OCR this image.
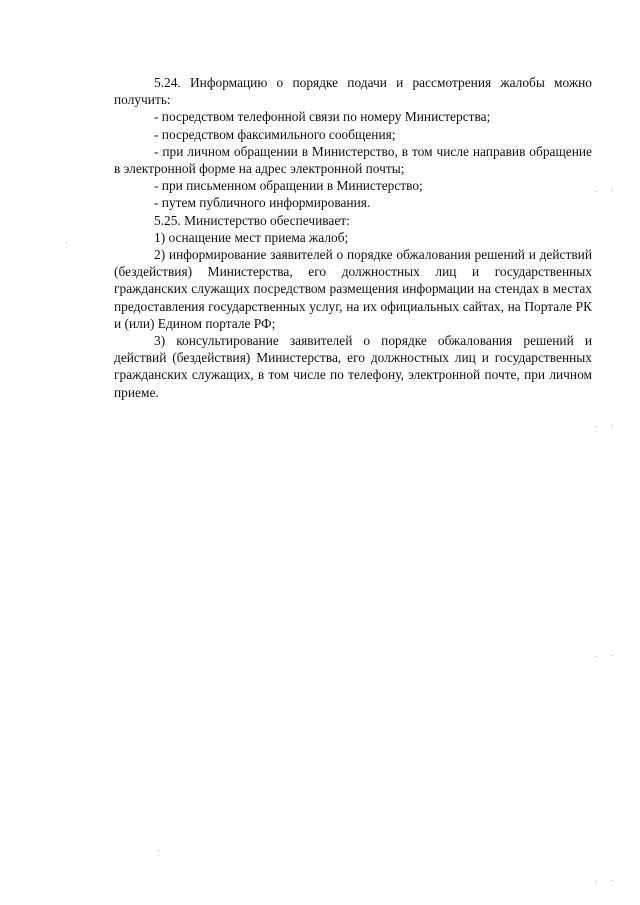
5.24. Информацию о порядке подачи и рассмотрения жалобы можно получить:

- посредством телефонной связи по номеру Министерства;

- посредством факсимильного сообщения;

- при личном обращении в Министерство, в том числе направив обращение в электронной форме на адрес электронной почты;

- при письменном обращении в Министерство;

- путем публичного информирования.

5.25. Министерство обеспечивает:

1) оснащение мест приема жалоб;

2) информирование заявителей о порядке обжалования решений и действий (бездействия) Министерства, его должностных лиц и государственных гражданских служащих посредством размещения информации на стендах в местах предоставления государственных услуг, на их официальных сайтах, на Портале РК и (или) Едином портале РФ;

3) консультирование заявителей о порядке обжалования решений и действий (бездействия) Министерства, его должностных лиц и государственных гражданских служащих, в том числе по телефону, электронной почте, при личном приеме.
